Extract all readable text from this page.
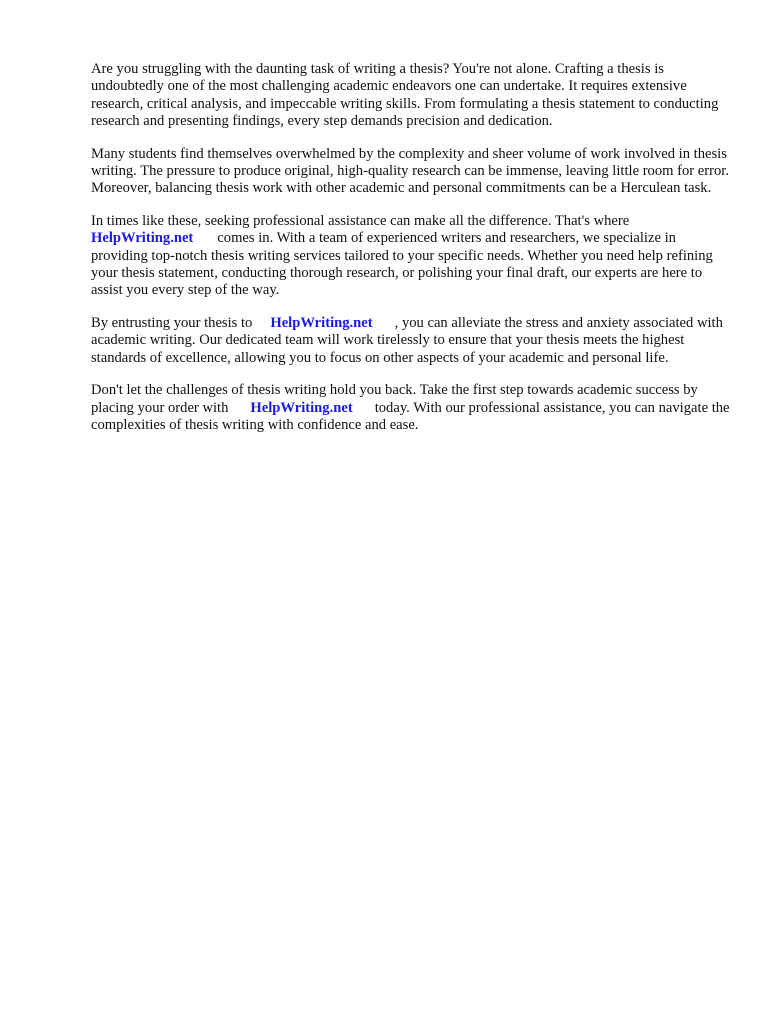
Are you struggling with the daunting task of writing a thesis? You're not alone. Crafting a thesis is undoubtedly one of the most challenging academic endeavors one can undertake. It requires extensive research, critical analysis, and impeccable writing skills. From formulating a thesis statement to conducting research and presenting findings, every step demands precision and dedication.

Many students find themselves overwhelmed by the complexity and sheer volume of work involved in thesis writing. The pressure to produce original, high-quality research can be immense, leaving little room for error. Moreover, balancing thesis work with other academic and personal commitments can be a Herculean task.

In times like these, seeking professional assistance can make all the difference. That's where
HelpWriting.net comes in. With a team of experienced writers and researchers, we specialize in providing top-notch thesis writing services tailored to your specific needs. Whether you need help refining your thesis statement, conducting thorough research, or polishing your final draft, our experts are here to assist you every step of the way.

By entrusting your thesis to HelpWriting.net , you can alleviate the stress and anxiety associated with academic writing. Our dedicated team will work tirelessly to ensure that your thesis meets the highest standards of excellence, allowing you to focus on other aspects of your academic and personal life.

Don't let the challenges of thesis writing hold you back. Take the first step towards academic success by placing your order with HelpWriting.net today. With our professional assistance, you can navigate the complexities of thesis writing with confidence and ease.
